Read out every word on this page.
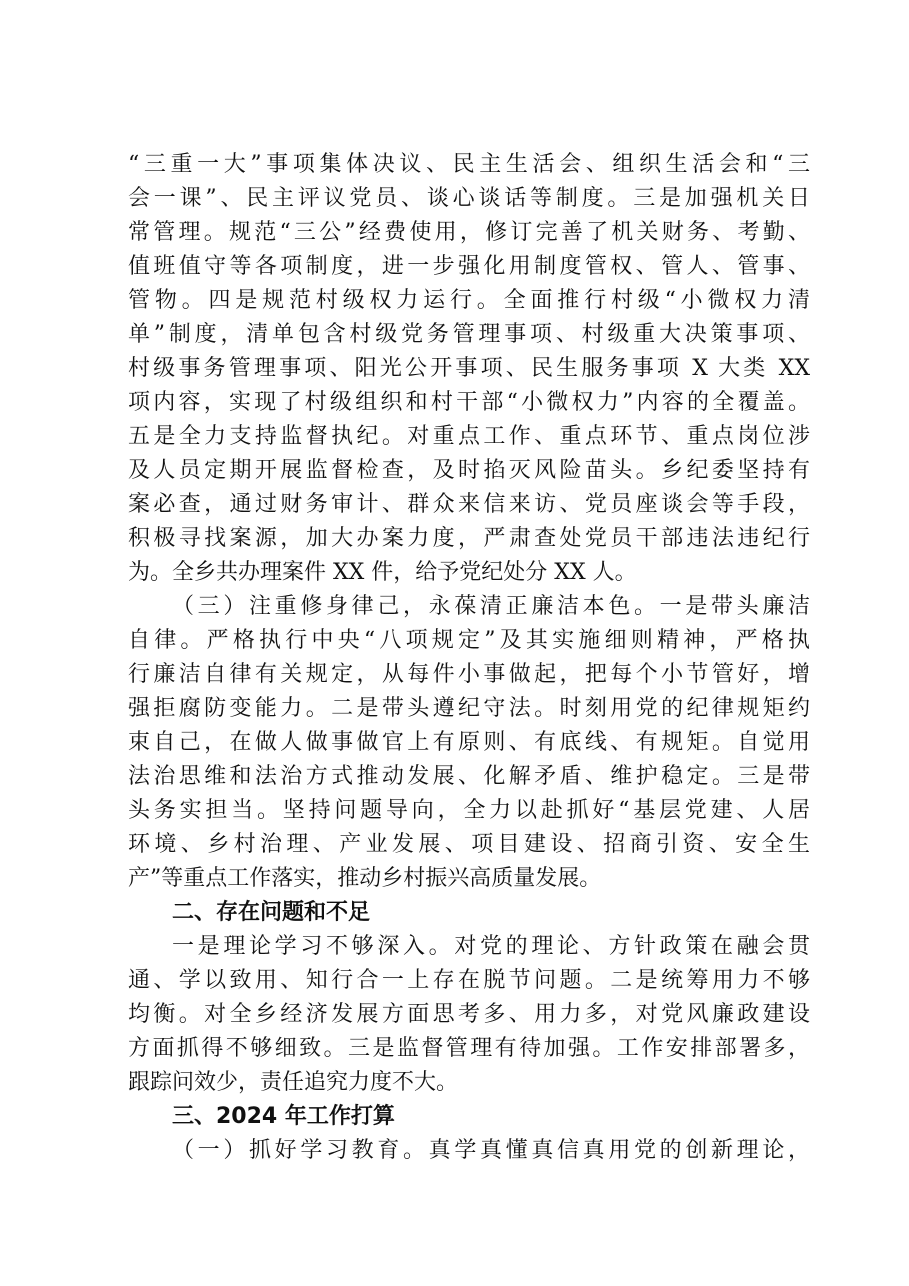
“三重一大”事项集体决议、民主生活会、组织生活会和“三
会一课”、民主评议党员、谈心谈话等制度。三是加强机关日
常管理。规范“三公”经费使用，修订完善了机关财务、考勤、
值班值守等各项制度，进一步强化用制度管权、管人、管事、
管物。四是规范村级权力运行。全面推行村级“小微权力清
单”制度，清单包含村级党务管理事项、村级重大决策事项、
村级事务管理事项、阳光公开事项、民生服务事项 X 大类 XX
项内容，实现了村级组织和村干部“小微权力”内容的全覆盖。
五是全力支持监督执纪。对重点工作、重点环节、重点岗位涉
及人员定期开展监督检查，及时掐灭风险苗头。乡纪委坚持有
案必查，通过财务审计、群众来信来访、党员座谈会等手段，
积极寻找案源，加大办案力度，严肃查处党员干部违法违纪行
为。全乡共办理案件 XX 件，给予党纪处分 XX 人。
（三）注重修身律己，永葆清正廉洁本色。一是带头廉洁
自律。严格执行中央“八项规定”及其实施细则精神，严格执
行廉洁自律有关规定，从每件小事做起，把每个小节管好，增
强拒腐防变能力。二是带头遵纪守法。时刻用党的纪律规矩约
束自己，在做人做事做官上有原则、有底线、有规矩。自觉用
法治思维和法治方式推动发展、化解矛盾、维护稳定。三是带
头务实担当。坚持问题导向，全力以赴抓好“基层党建、人居
环境、乡村治理、产业发展、项目建设、招商引资、安全生
产”等重点工作落实，推动乡村振兴高质量发展。
二、存在问题和不足
一是理论学习不够深入。对党的理论、方针政策在融会贯
通、学以致用、知行合一上存在脱节问题。二是统筹用力不够
均衡。对全乡经济发展方面思考多、用力多，对党风廉政建设
方面抓得不够细致。三是监督管理有待加强。工作安排部署多，
跟踪问效少，责任追究力度不大。
三、2024 年工作打算
（一）抓好学习教育。真学真懂真信真用党的创新理论，
